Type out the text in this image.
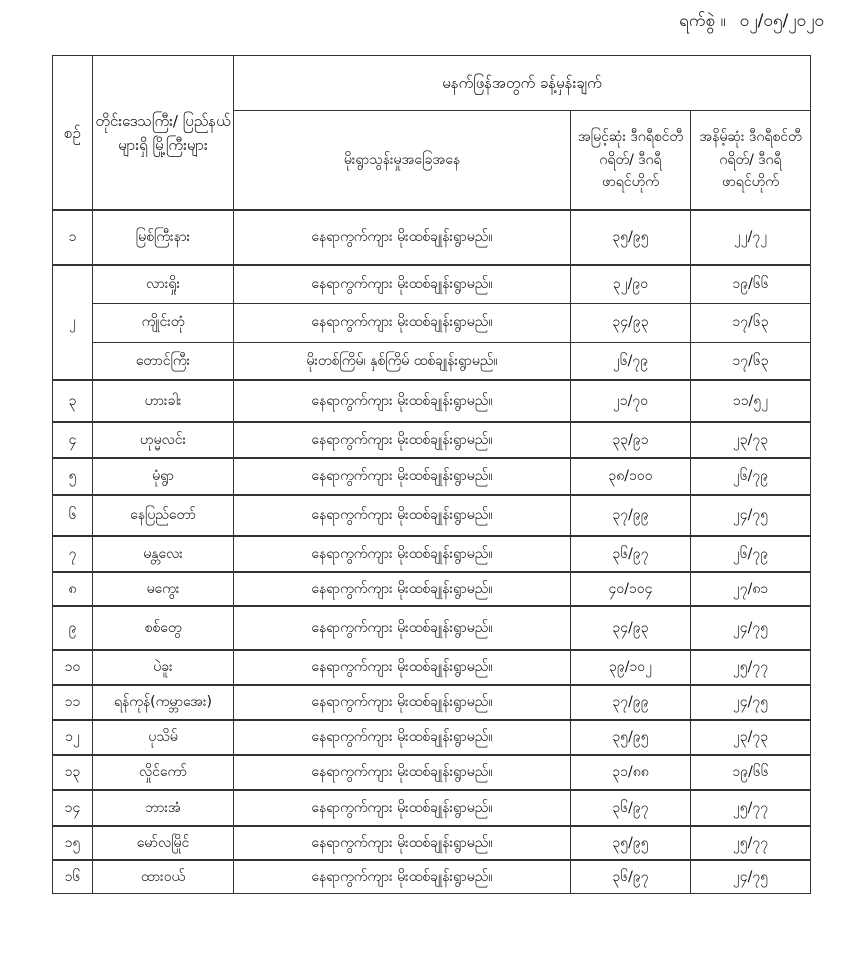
ရက်စွဲ ။ ၀၂/၀၅/၂၀၂၀
စဉ်	တိုင်းဒေသကြီး/ ပြည်နယ်များရှိ မြို့ကြီးများ	မနက်ဖြန်အတွက် ခန့်မှန်းချက်		
		မိုးရွာသွန်းမှုအခြေအနေ	အမြင့်ဆုံး ဒီဂရီစင်တီဂရိတ်/ ဒီဂရီဖာရင်ဟိုက်	အနိမ့်ဆုံး ဒီဂရီစင်တီဂရိတ်/ ဒီဂရီဖာရင်ဟိုက်
၁	မြစ်ကြီးနား	နေရာကွက်ကျား မိုးထစ်ချုန်းရွာမည်။	၃၅/၉၅	၂၂/၇၂
၂	လားရှိုး	နေရာကွက်ကျား မိုးထစ်ချုန်းရွာမည်။	၃၂/၉၀	၁၉/၆၆
	ကျိုင်းတုံ	နေရာကွက်ကျား မိုးထစ်ချုန်းရွာမည်။	၃၄/၉၃	၁၇/၆၃
	တောင်ကြီး	မိုးတစ်ကြိမ်၊ နှစ်ကြိမ် ထစ်ချုန်းရွာမည်။	၂၆/၇၉	၁၇/၆၃
၃	ဟားခါး	နေရာကွက်ကျား မိုးထစ်ချုန်းရွာမည်။	၂၁/၇၀	၁၁/၅၂
၄	ဟုမ္မလင်း	နေရာကွက်ကျား မိုးထစ်ချုန်းရွာမည်။	၃၃/၉၁	၂၃/၇၃
၅	မုံရွာ	နေရာကွက်ကျား မိုးထစ်ချုန်းရွာမည်။	၃၈/၁၀၀	၂၆/၇၉
၆	နေပြည်တော်	နေရာကွက်ကျား မိုးထစ်ချုန်းရွာမည်။	၃၇/၉၉	၂၄/၇၅
၇	မန္တလေး	နေရာကွက်ကျား မိုးထစ်ချုန်းရွာမည်။	၃၆/၉၇	၂၆/၇၉
၈	မကွေး	နေရာကွက်ကျား မိုးထစ်ချုန်းရွာမည်။	၄၀/၁၀၄	၂၇/၈၁
၉	စစ်တွေ	နေရာကွက်ကျား မိုးထစ်ချုန်းရွာမည်။	၃၄/၉၃	၂၄/၇၅
၁၀	ပဲခူး	နေရာကွက်ကျား မိုးထစ်ချုန်းရွာမည်။	၃၉/၁၀၂	၂၅/၇၇
၁၁	ရန်ကုန်(ကမ္ဘာအေး)	နေရာကွက်ကျား မိုးထစ်ချုန်းရွာမည်။	၃၇/၉၉	၂၄/၇၅
၁၂	ပုသိမ်	နေရာကွက်ကျား မိုးထစ်ချုန်းရွာမည်။	၃၅/၉၅	၂၃/၇၃
၁၃	လှိုင်ကော်	နေရာကွက်ကျား မိုးထစ်ချုန်းရွာမည်။	၃၁/၈၈	၁၉/၆၆
၁၄	ဘားအံ	နေရာကွက်ကျား မိုးထစ်ချုန်းရွာမည်။	၃၆/၉၇	၂၅/၇၇
၁၅	မော်လမြိုင်	နေရာကွက်ကျား မိုးထစ်ချုန်းရွာမည်။	၃၅/၉၅	၂၅/၇၇
၁၆	ထားဝယ်	နေရာကွက်ကျား မိုးထစ်ချုန်းရွာမည်။	၃၆/၉၇	၂၄/၇၅
